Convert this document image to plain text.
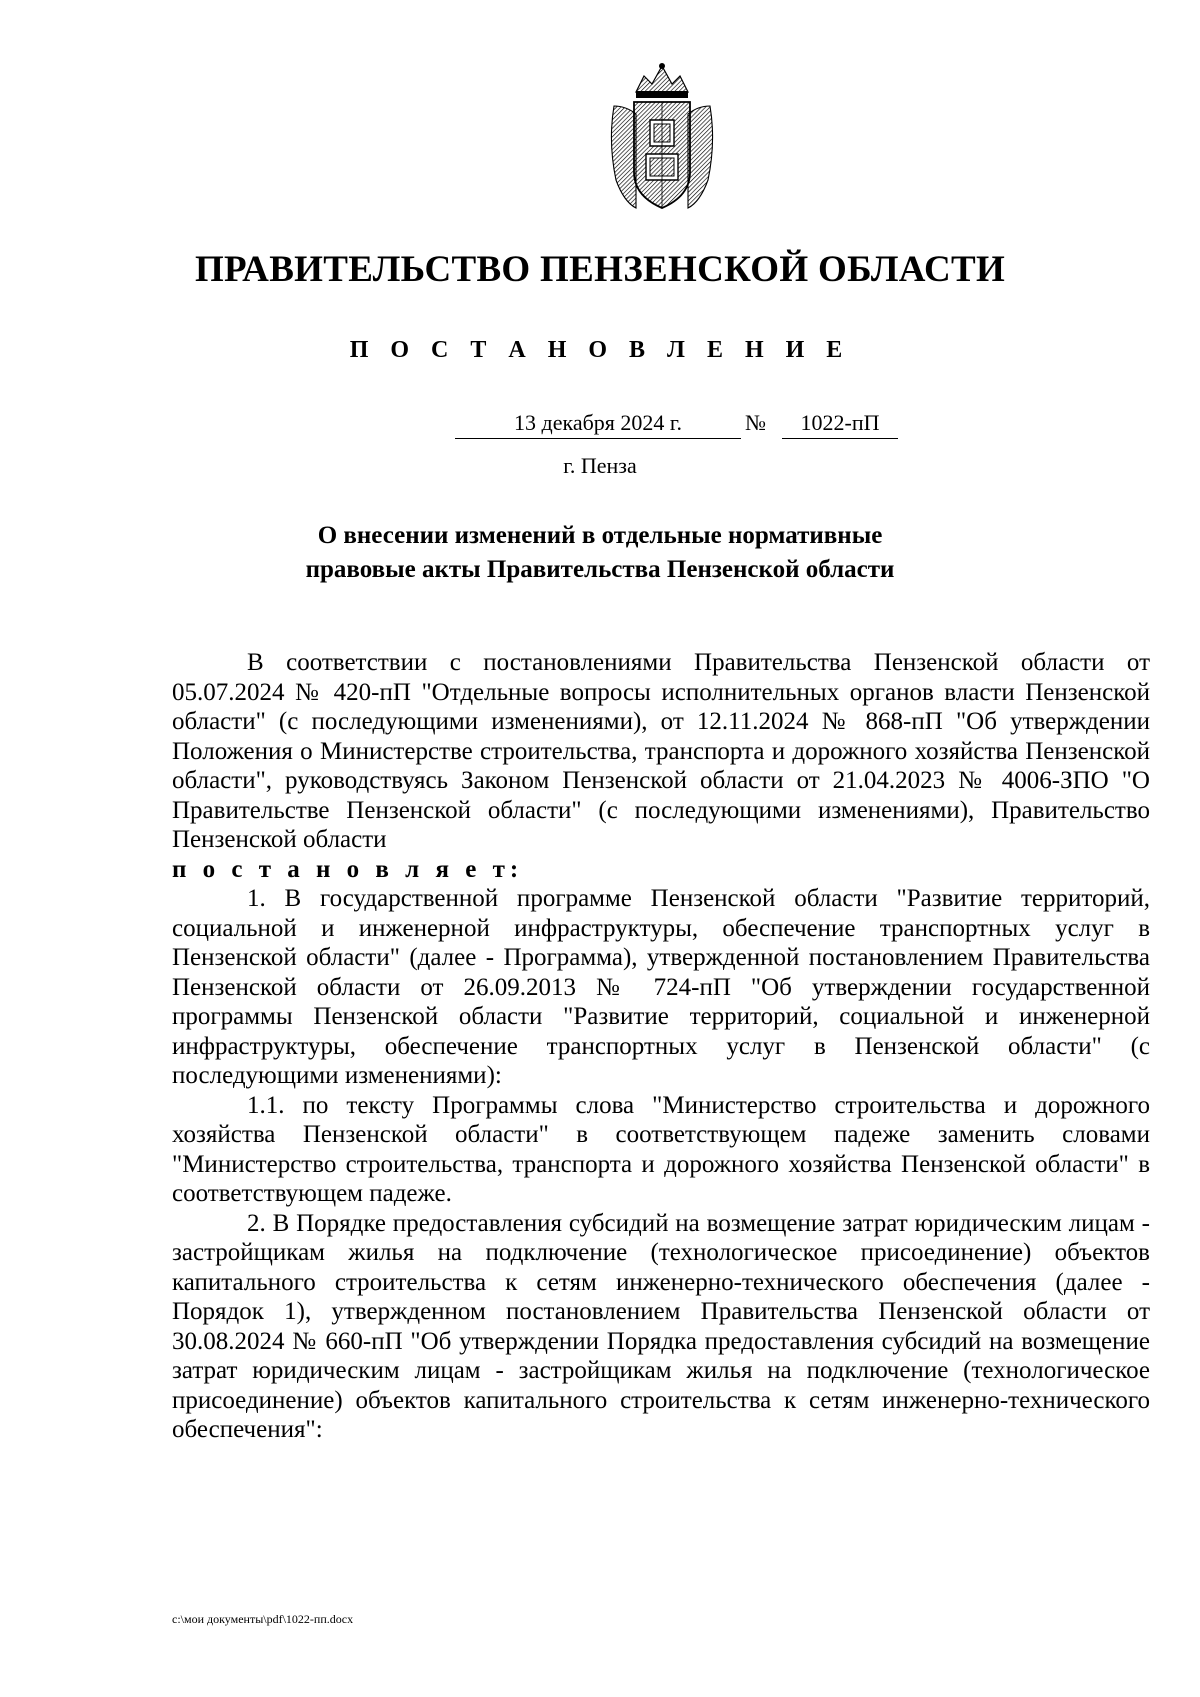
ПРАВИТЕЛЬСТВО ПЕНЗЕНСКОЙ ОБЛАСТИ
П О С Т А Н О В Л Е Н И Е
13 декабря 2024 г.	№	1022-пП
г. Пенза
О внесении изменений в отдельные нормативные
правовые акты Правительства Пензенской области

В соответствии с постановлениями Правительства Пензенской области от 05.07.2024 № 420-пП "Отдельные вопросы исполнительных органов власти Пензенской области" (с последующими изменениями), от 12.11.2024 № 868-пП "Об утверждении Положения о Министерстве строительства, транспорта и дорожного хозяйства Пензенской области", руководствуясь Законом Пензенской области от 21.04.2023 № 4006-ЗПО "О Правительстве Пензенской области" (с последующими изменениями), Правительство Пензенской области

п о с т а н о в л я е т:

1. В государственной программе Пензенской области "Развитие территорий, социальной и инженерной инфраструктуры, обеспечение транспортных услуг в Пензенской области" (далее - Программа), утвержденной постановлением Правительства Пензенской области от 26.09.2013 № 724-пП "Об утверждении государственной программы Пензенской области "Развитие территорий, социальной и инженерной инфраструктуры, обеспечение транспортных услуг в Пензенской области" (с последующими изменениями):

1.1. по тексту Программы слова "Министерство строительства и дорожного хозяйства Пензенской области" в соответствующем падеже заменить словами "Министерство строительства, транспорта и дорожного хозяйства Пензенской области" в соответствующем падеже.

2. В Порядке предоставления субсидий на возмещение затрат юридическим лицам - застройщикам жилья на подключение (технологическое присоединение) объектов капитального строительства к сетям инженерно-технического обеспечения (далее - Порядок 1), утвержденном постановлением Правительства Пензенской области от 30.08.2024 № 660-пП "Об утверждении Порядка предоставления субсидий на возмещение затрат юридическим лицам - застройщикам жилья на подключение (технологическое присоединение) объектов капитального строительства к сетям инженерно-технического обеспечения":

c:\мои документы\pdf\1022-пп.docx
